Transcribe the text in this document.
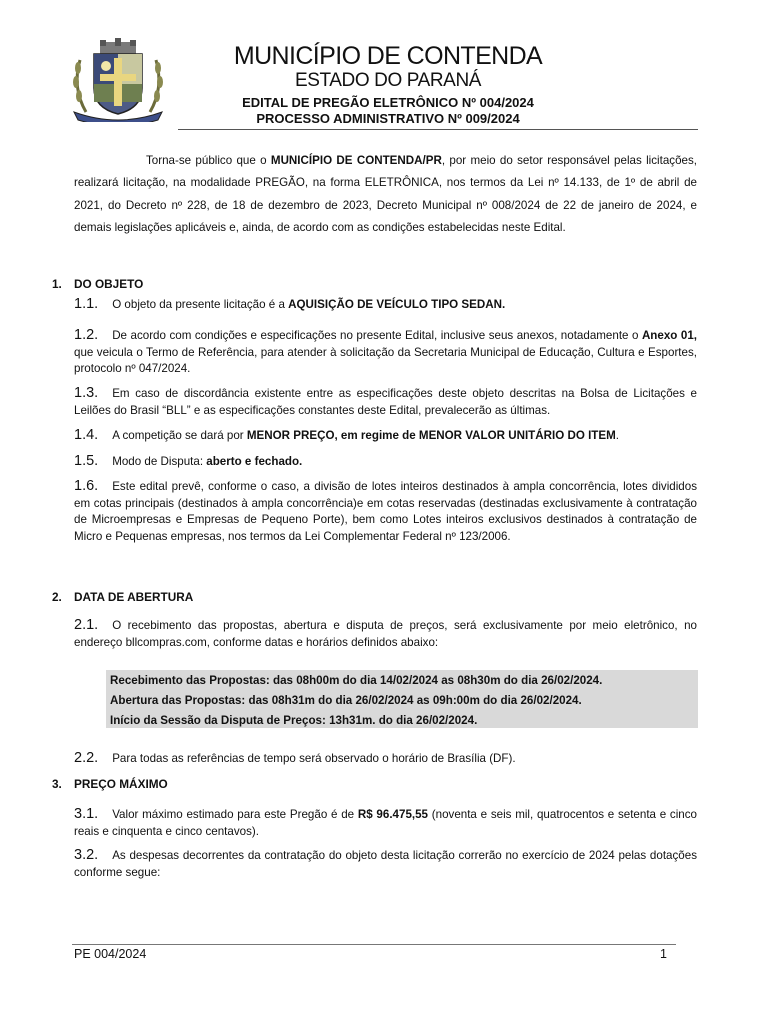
MUNICÍPIO DE CONTENDA
ESTADO DO PARANÁ
EDITAL DE PREGÃO ELETRÔNICO Nº 004/2024
PROCESSO ADMINISTRATIVO Nº 009/2024
Torna-se público que o MUNICÍPIO DE CONTENDA/PR, por meio do setor responsável pelas licitações, realizará licitação, na modalidade PREGÃO, na forma ELETRÔNICA, nos termos da Lei nº 14.133, de 1º de abril de 2021, do Decreto nº 228, de 18 de dezembro de 2023, Decreto Municipal nº 008/2024 de 22 de janeiro de 2024, e demais legislações aplicáveis e, ainda, de acordo com as condições estabelecidas neste Edital.
1. DO OBJETO
1.1. O objeto da presente licitação é a AQUISIÇÃO DE VEÍCULO TIPO SEDAN.
1.2. De acordo com condições e especificações no presente Edital, inclusive seus anexos, notadamente o Anexo 01, que veicula o Termo de Referência, para atender à solicitação da Secretaria Municipal de Educação, Cultura e Esportes, protocolo nº 047/2024.
1.3. Em caso de discordância existente entre as especificações deste objeto descritas na Bolsa de Licitações e Leilões do Brasil “BLL” e as especificações constantes deste Edital, prevalecerão as últimas.
1.4. A competição se dará por MENOR PREÇO, em regime de MENOR VALOR UNITÁRIO DO ITEM.
1.5. Modo de Disputa: aberto e fechado.
1.6. Este edital prevê, conforme o caso, a divisão de lotes inteiros destinados à ampla concorrência, lotes divididos em cotas principais (destinados à ampla concorrência)e em cotas reservadas (destinadas exclusivamente à contratação de Microempresas e Empresas de Pequeno Porte), bem como Lotes inteiros exclusivos destinados à contratação de Micro e Pequenas empresas, nos termos da Lei Complementar Federal nº 123/2006.
2. DATA DE ABERTURA
2.1. O recebimento das propostas, abertura e disputa de preços, será exclusivamente por meio eletrônico, no endereço bllcompras.com, conforme datas e horários definidos abaixo:
Recebimento das Propostas: das 08h00m do dia 14/02/2024 as 08h30m do dia 26/02/2024.
Abertura das Propostas: das 08h31m do dia 26/02/2024 as 09h:00m do dia 26/02/2024.
Início da Sessão da Disputa de Preços: 13h31m. do dia 26/02/2024.
2.2. Para todas as referências de tempo será observado o horário de Brasília (DF).
3. PREÇO MÁXIMO
3.1. Valor máximo estimado para este Pregão é de R$ 96.475,55 (noventa e seis mil, quatrocentos e setenta e cinco reais e cinquenta e cinco centavos).
3.2. As despesas decorrentes da contratação do objeto desta licitação correrão no exercício de 2024 pelas dotações conforme segue:
PE 004/2024	1
